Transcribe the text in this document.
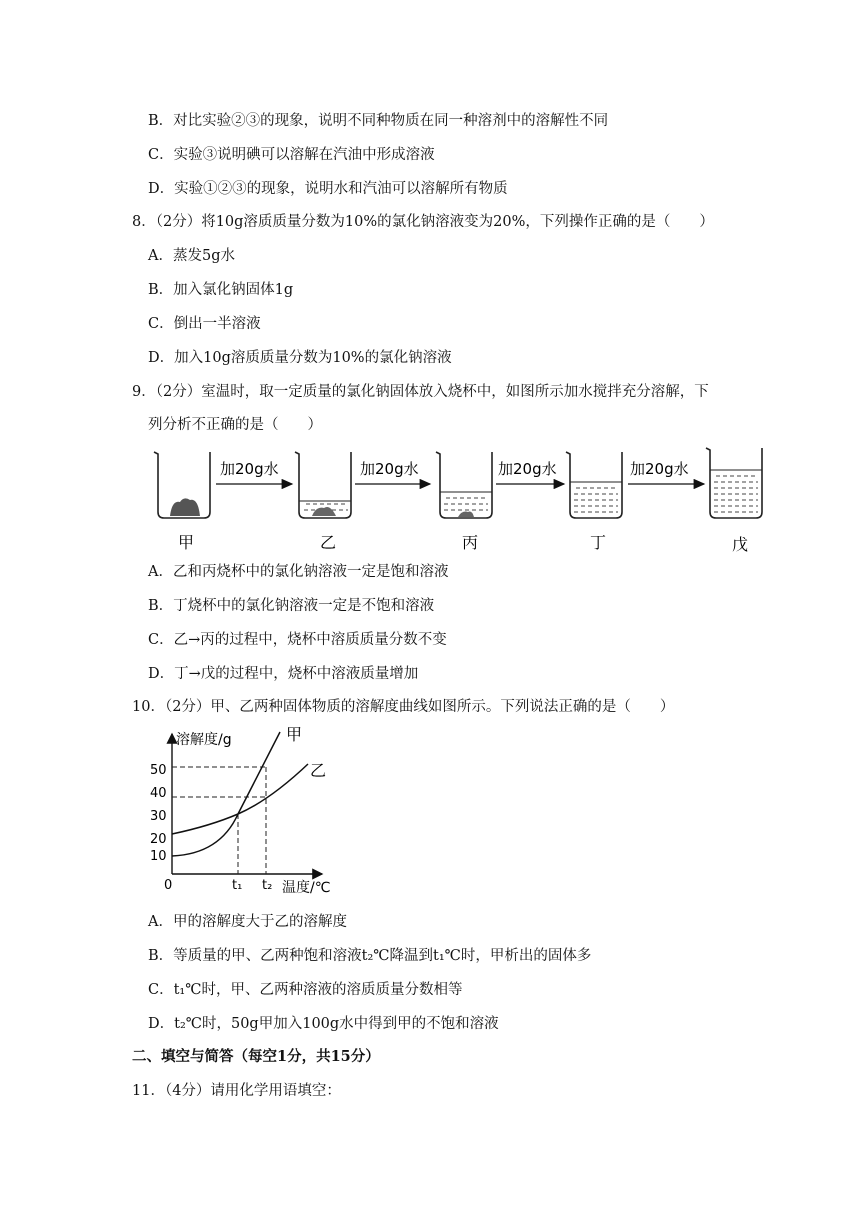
B．对比实验②③的现象，说明不同种物质在同一种溶剂中的溶解性不同
C．实验③说明碘可以溶解在汽油中形成溶液
D．实验①②③的现象，说明水和汽油可以溶解所有物质
8．（2分）将10g溶质质量分数为10%的氯化钠溶液变为20%，下列操作正确的是（　　）
A．蒸发5g水
B．加入氯化钠固体1g
C．倒出一半溶液
D．加入10g溶质质量分数为10%的氯化钠溶液
9．（2分）室温时，取一定质量的氯化钠固体放入烧杯中，如图所示加水搅拌充分溶解，下
列分析不正确的是（　　）
甲
加20g水
乙
加20g水
丙
加20g水
丁
加20g水
戊
A．乙和丙烧杯中的氯化钠溶液一定是饱和溶液
B．丁烧杯中的氯化钠溶液一定是不饱和溶液
C．乙→丙的过程中，烧杯中溶质质量分数不变
D．丁→戊的过程中，烧杯中溶液质量增加
10．（2分）甲、乙两种固体物质的溶解度曲线如图所示。下列说法正确的是（　　）
溶解度/g
温度/℃
50
40
30
20
10
0	t₁ t₂
甲
乙
A．甲的溶解度大于乙的溶解度
B．等质量的甲、乙两种饱和溶液t₂℃降温到t₁℃时，甲析出的固体多
C．t₁℃时，甲、乙两种溶液的溶质质量分数相等
D．t₂℃时，50g甲加入100g水中得到甲的不饱和溶液
二、填空与简答（每空1分，共15分）
11．（4分）请用化学用语填空：
